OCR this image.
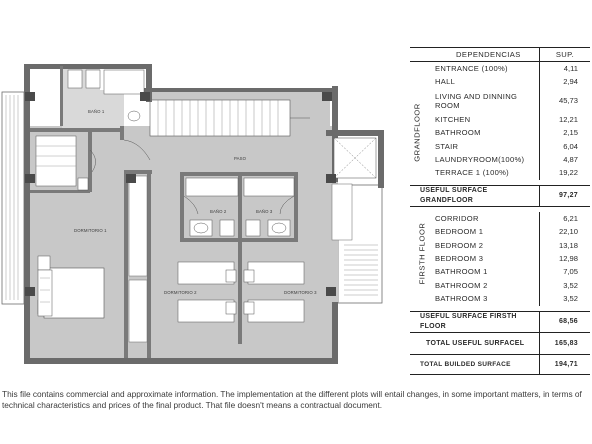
BAÑO 1
PASO
BAÑO 2	BAÑO 3
DORMITORIO 1
DORMITORIO 2	DORMITORIO 3
GRANDFLOOR
FIRSTH FLOOR

DEPENDENCIAS	SUP.
ENTRANCE (100%)	4,11
HALL	2,94
LIVING AND DINNING ROOM	45,73
KITCHEN	12,21
BATHROOM	2,15
STAIR	6,04
LAUNDRYROOM(100%)	4,87
TERRACE 1 (100%)	19,22

USEFUL SURFACE GRANDFLOOR	97,27

CORRIDOR	6,21
BEDROOM 1	22,10
BEDROOM 2	13,18
BEDROOM 3	12,98
BATHROOM 1	7,05
BATHROOM 2	3,52
BATHROOM 3	3,52

USEFUL SURFACE FIRSTH FLOOR	68,56
TOTAL USEFUL SURFACEL	165,83
TOTAL BUILDED SURFACE	194,71
This file contains commercial and approximate information. The implementation at the different plots will entail changes, in some important matters, in terms of technical characteristics and prices of the final product. That file doesn't means a contractual document.
